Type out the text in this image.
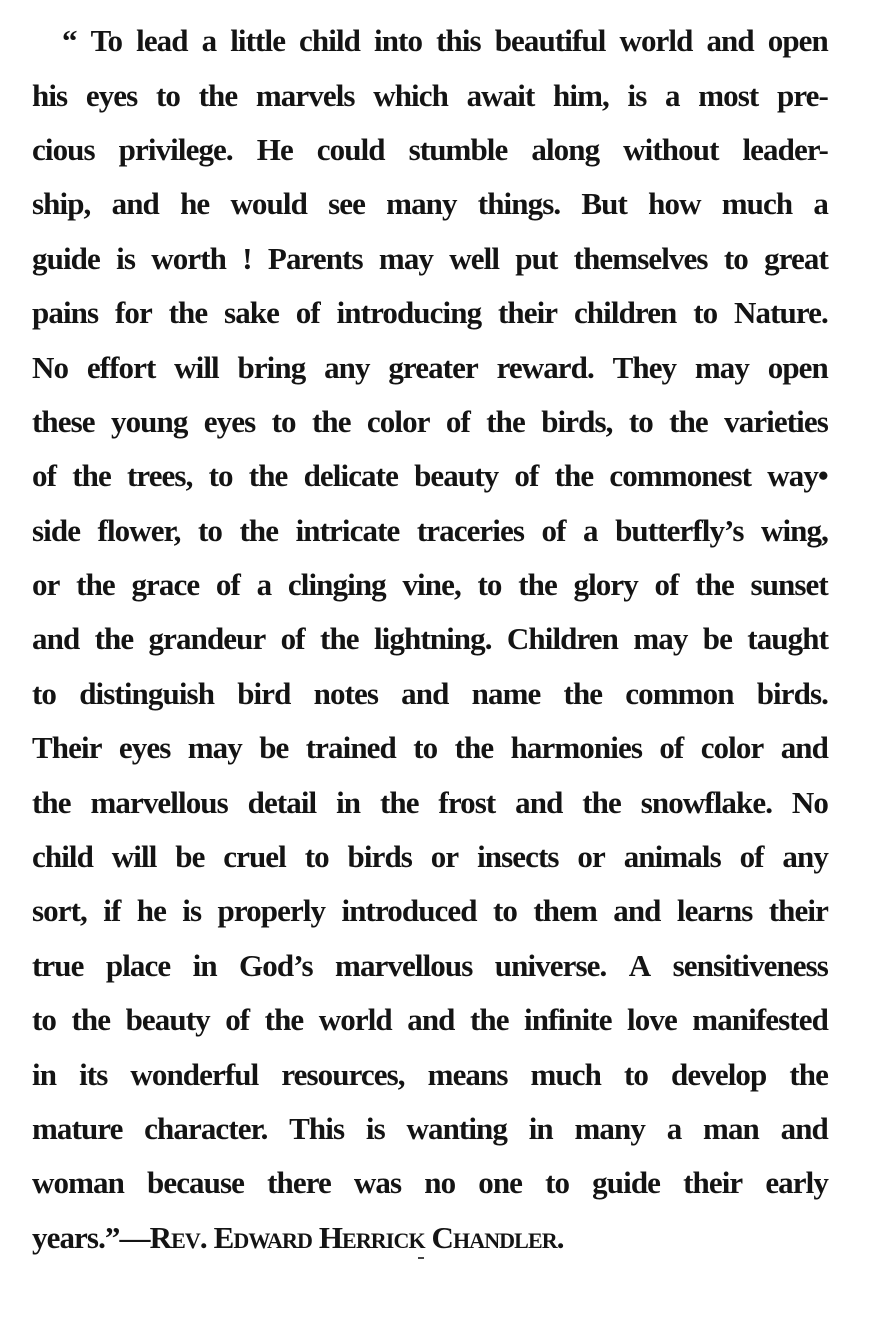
“ To lead a little child into this beautiful world and open
his eyes to the marvels which await him, is a most pre-
cious privilege. He could stumble along without leader-
ship, and he would see many things. But how much a
guide is worth ! Parents may well put themselves to great
pains for the sake of introducing their children to Nature.
No effort will bring any greater reward. They may open
these young eyes to the color of the birds, to the varieties
of the trees, to the delicate beauty of the commonest way•
side flower, to the intricate traceries of a butterfly’s wing,
or the grace of a clinging vine, to the glory of the sunset
and the grandeur of the lightning. Children may be taught
to distinguish bird notes and name the common birds.
Their eyes may be trained to the harmonies of color and
the marvellous detail in the frost and the snowflake. No
child will be cruel to birds or insects or animals of any
sort, if he is properly introduced to them and learns their
true place in God’s marvellous universe. A sensitiveness
to the beauty of the world and the infinite love manifested
in its wonderful resources, means much to develop the
mature character. This is wanting in many a man and
woman because there was no one to guide their early
years.”— Rev. Edward Herrick Chandler.
